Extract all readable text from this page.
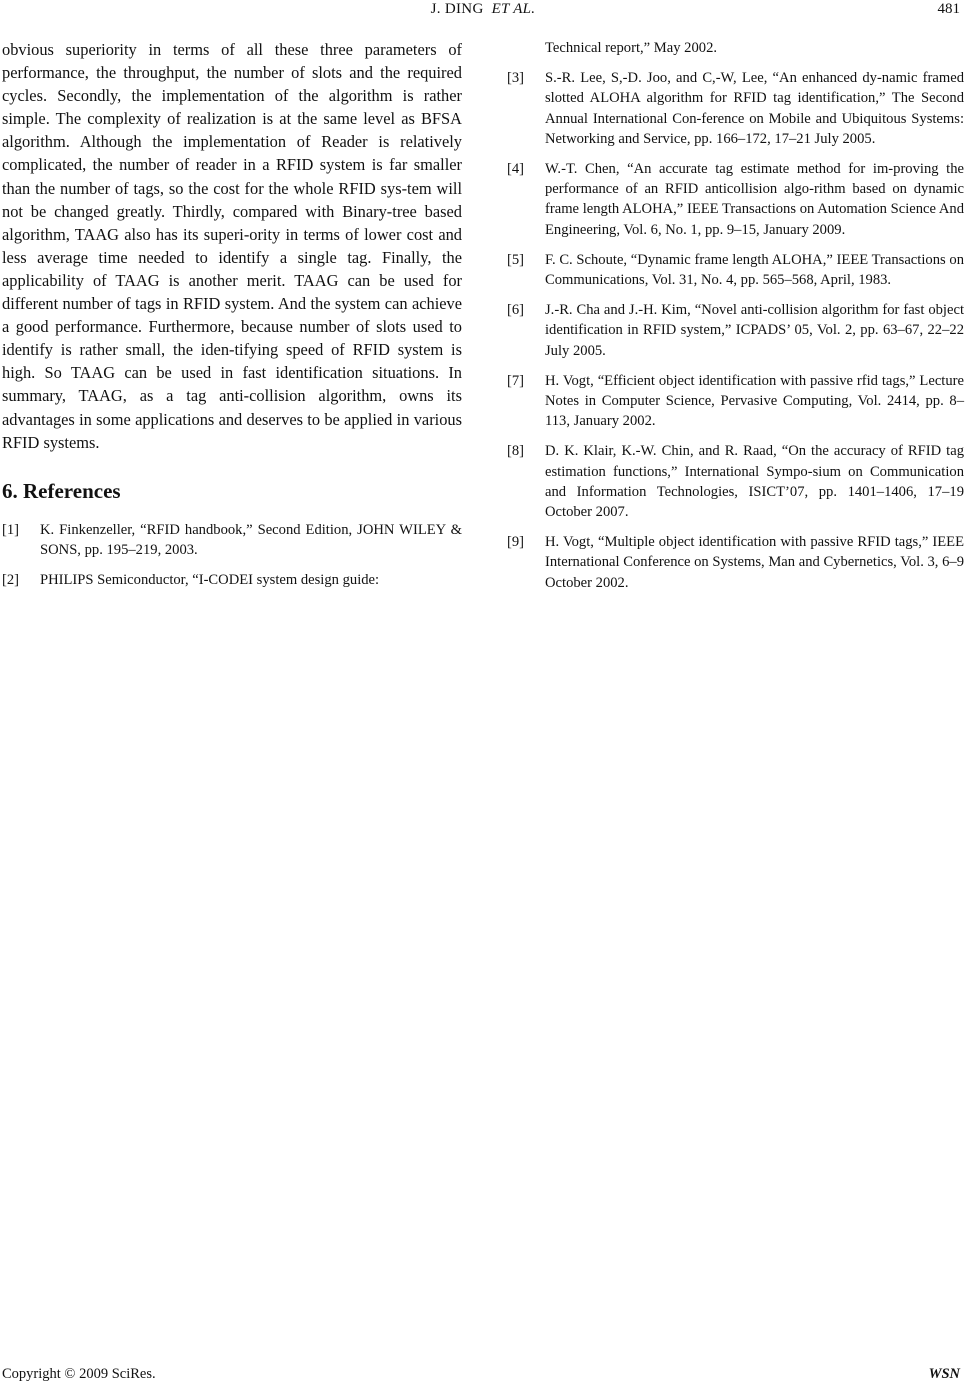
J. DING ET AL.	481

obvious superiority in terms of all these three parameters of performance, the throughput, the number of slots and the required cycles. Secondly, the implementation of the algorithm is rather simple. The complexity of realization is at the same level as BFSA algorithm. Although the implementation of Reader is relatively complicated, the number of reader in a RFID system is far smaller than the number of tags, so the cost for the whole RFID sys-tem will not be changed greatly. Thirdly, compared with Binary-tree based algorithm, TAAG also has its superi-ority in terms of lower cost and less average time needed to identify a single tag. Finally, the applicability of TAAG is another merit. TAAG can be used for different number of tags in RFID system. And the system can achieve a good performance. Furthermore, because number of slots used to identify is rather small, the iden-tifying speed of RFID system is high. So TAAG can be used in fast identification situations. In summary, TAAG, as a tag anti-collision algorithm, owns its advantages in some applications and deserves to be applied in various RFID systems.

6. References
[1]	K. Finkenzeller, “RFID handbook,” Second Edition, JOHN WILEY & SONS, pp. 195–219, 2003.
[2]	PHILIPS Semiconductor, “I-CODEI system design guide:
Technical report,” May 2002.
[3]	S.-R. Lee, S,-D. Joo, and C,-W, Lee, “An enhanced dy-namic framed slotted ALOHA algorithm for RFID tag identification,” The Second Annual International Con-ference on Mobile and Ubiquitous Systems: Networking and Service, pp. 166–172, 17–21 July 2005.
[4]	W.-T. Chen, “An accurate tag estimate method for im-proving the performance of an RFID anticollision algo-rithm based on dynamic frame length ALOHA,” IEEE Transactions on Automation Science And Engineering, Vol. 6, No. 1, pp. 9–15, January 2009.
[5]	F. C. Schoute, “Dynamic frame length ALOHA,” IEEE Transactions on Communications, Vol. 31, No. 4, pp. 565–568, April, 1983.
[6]	J.-R. Cha and J.-H. Kim, “Novel anti-collision algorithm for fast object identification in RFID system,” ICPADS’ 05, Vol. 2, pp. 63–67, 22–22 July 2005.
[7]	H. Vogt, “Efficient object identification with passive rfid tags,” Lecture Notes in Computer Science, Pervasive Computing, Vol. 2414, pp. 8–113, January 2002.
[8]	D. K. Klair, K.-W. Chin, and R. Raad, “On the accuracy of RFID tag estimation functions,” International Sympo-sium on Communication and Information Technologies, ISICT’07, pp. 1401–1406, 17–19 October 2007.
[9]	H. Vogt, “Multiple object identification with passive RFID tags,” IEEE International Conference on Systems, Man and Cybernetics, Vol. 3, 6–9 October 2002.
Copyright © 2009 SciRes.	WSN
